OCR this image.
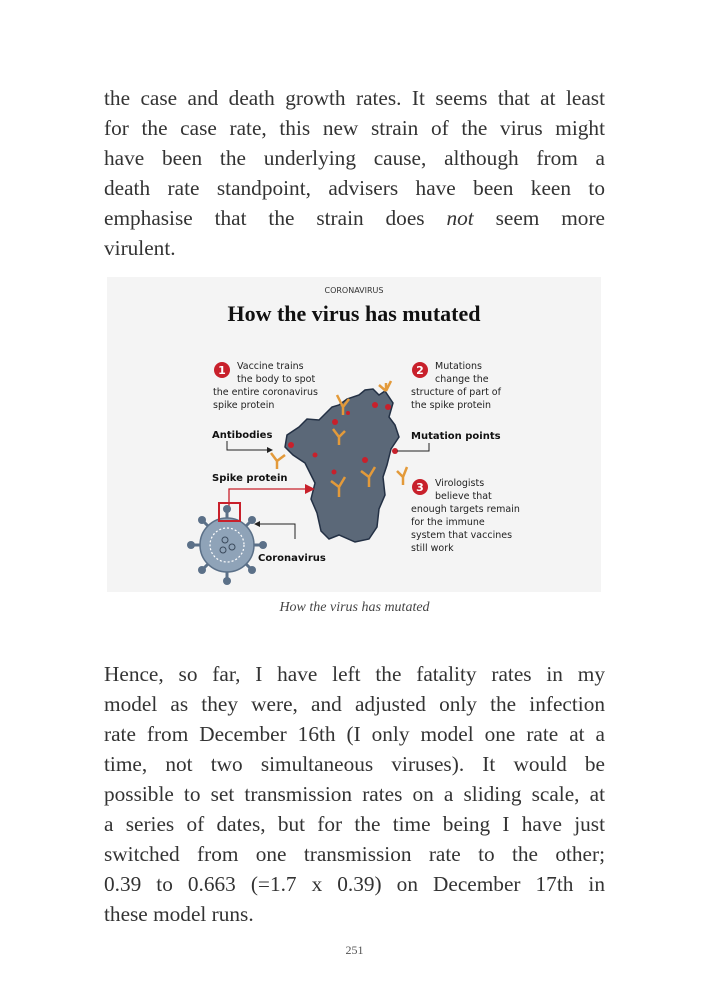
the case and death growth rates. It seems that at least
for the case rate, this new strain of the virus might
have been the underlying cause, although from a
death rate standpoint, advisers have been keen to
emphasise that the strain does not seem more
virulent.
CORONAVIRUS
How the virus has mutated
1 Vaccine trains
the body to spot
the entire coronavirus
spike protein
2 Mutations
change the
structure of part of
the spike protein
3 Virologists
believe that
enough targets remain
for the immune
system that vaccines
still work
Antibodies
Spike protein
Mutation points
Coronavirus
How the virus has mutated
Hence, so far, I have left the fatality rates in my
model as they were, and adjusted only the infection
rate from December 16th (I only model one rate at a
time, not two simultaneous viruses). It would be
possible to set transmission rates on a sliding scale, at
a series of dates, but for the time being I have just
switched from one transmission rate to the other;
0.39 to 0.663 (=1.7 x 0.39) on December 17th in
these model runs.
251
